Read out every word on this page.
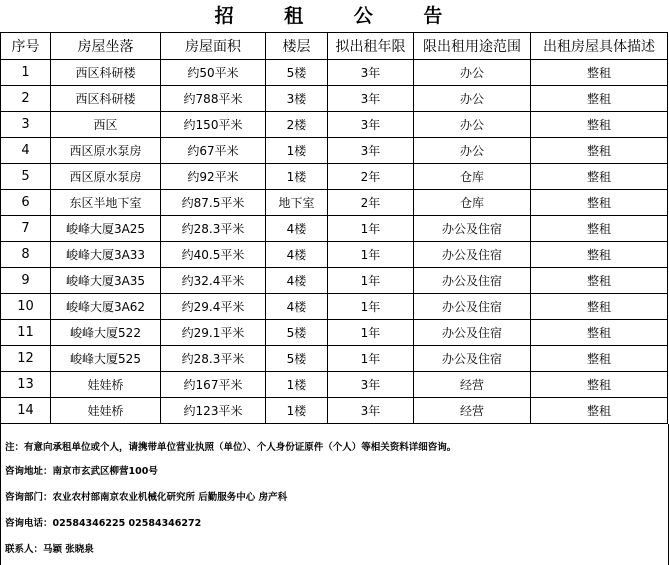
招 租 公 告
序号	房屋坐落	房屋面积	楼层	拟出租年限	限出租用途范围	出租房屋具体描述
1	西区科研楼	约50平米	5楼	3年	办公	整租
2	西区科研楼	约788平米	3楼	3年	办公	整租
3	西区	约150平米	2楼	3年	办公	整租
4	西区原水泵房	约67平米	1楼	3年	办公	整租
5	西区原水泵房	约92平米	1楼	2年	仓库	整租
6	东区半地下室	约87.5平米	地下室	2年	仓库	整租
7	峻峰大厦3A25	约28.3平米	4楼	1年	办公及住宿	整租
8	峻峰大厦3A33	约40.5平米	4楼	1年	办公及住宿	整租
9	峻峰大厦3A35	约32.4平米	4楼	1年	办公及住宿	整租
10	峻峰大厦3A62	约29.4平米	4楼	1年	办公及住宿	整租
11	峻峰大厦522	约29.1平米	5楼	1年	办公及住宿	整租
12	峻峰大厦525	约28.3平米	5楼	1年	办公及住宿	整租
13	娃娃桥	约167平米	1楼	3年	经营	整租
14	娃娃桥	约123平米	1楼	3年	经营	整租
注：有意向承租单位或个人，请携带单位营业执照（单位）、个人身份证原件（个人）等相关资料详细咨询。
咨询地址：南京市玄武区柳营100号
咨询部门：农业农村部南京农业机械化研究所 后勤服务中心 房产科
咨询电话：02584346225 02584346272
联系人：马颖 张晓泉
